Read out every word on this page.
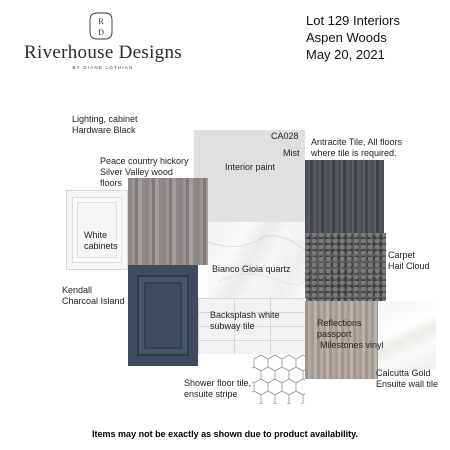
R
D
Riverhouse Designs
BY DIANE LOTHIAN
Lot 129 Interiors
Aspen Woods
May 20, 2021
Lighting, cabinet
Hardware Black
Peace country hickory
Silver Valley wood
floors
White
cabinets
Kendall
Charcoal Island
CA028
Mist
Interior paint
Antracite Tile, All floors
where tile is required.
Bianco Gioia quartz
Carpet
Hail Cloud
Backsplash white
subway tile	Reflections
passport
Milestones vinyl
Calcutta Gold
Ensuite wall tile
Shower floor tile,
ensuite stripe
Items may not be exactly as shown due to product availability.
